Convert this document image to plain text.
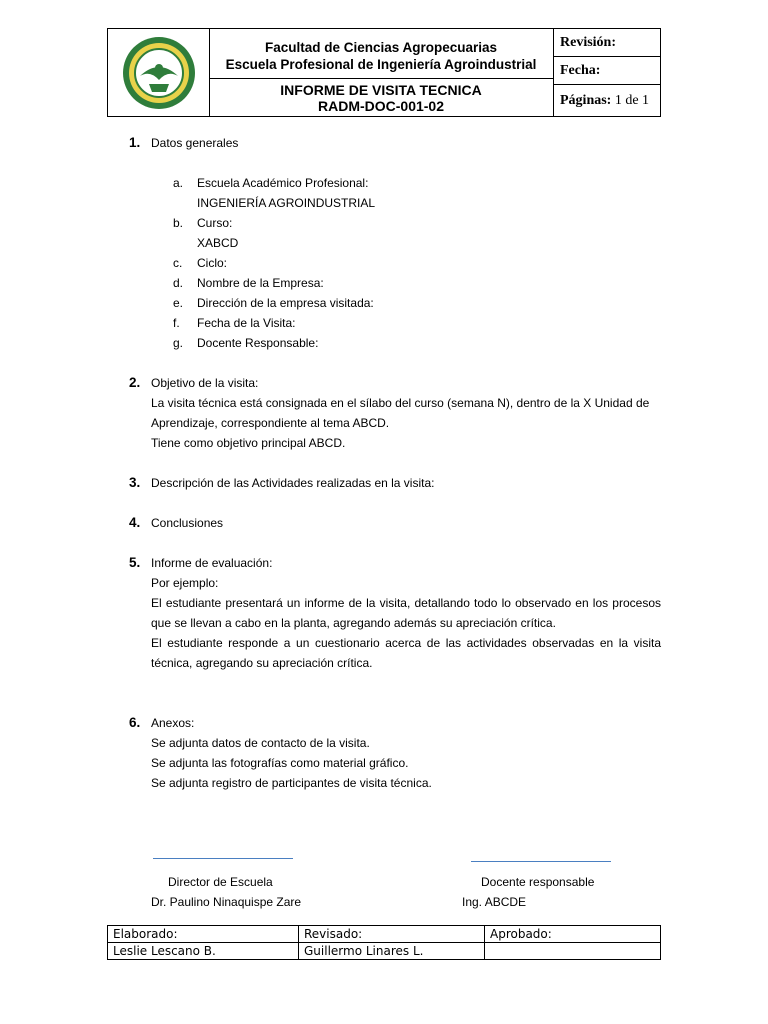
Facultad de Ciencias Agropecuarias
Escuela Profesional de Ingeniería Agroindustrial
INFORME DE VISITA TECNICA
RADM-DOC-001-02
Revisión:
Fecha:
Páginas: 1 de 1
1. Datos generales
a. Escuela Académico Profesional:
INGENIERÍA AGROINDUSTRIAL
b. Curso:
XABCD
c. Ciclo:
d. Nombre de la Empresa:
e. Dirección de la empresa visitada:
f. Fecha de la Visita:
g. Docente Responsable:
2. Objetivo de la visita:
La visita técnica está consignada en el sílabo del curso (semana N), dentro de la X Unidad de
Aprendizaje, correspondiente al tema ABCD.
Tiene como objetivo principal ABCD.
3. Descripción de las Actividades realizadas en la visita:
4. Conclusiones
5. Informe de evaluación:
Por ejemplo:
El estudiante presentará un informe de la visita, detallando todo lo observado en los procesos que se llevan a cabo en la planta, agregando además su apreciación crítica.
El estudiante responde a un cuestionario acerca de las actividades observadas en la visita técnica, agregando su apreciación crítica.
6. Anexos:
Se adjunta datos de contacto de la visita.
Se adjunta las fotografías como material gráfico.
Se adjunta registro de participantes de visita técnica.
Director de Escuela
Dr. Paulino Ninaquispe Zare
Docente responsable
Ing. ABCDE
Elaborado:	Revisado:	Aprobado:
Leslie Lescano B.	Guillermo Linares L.	
